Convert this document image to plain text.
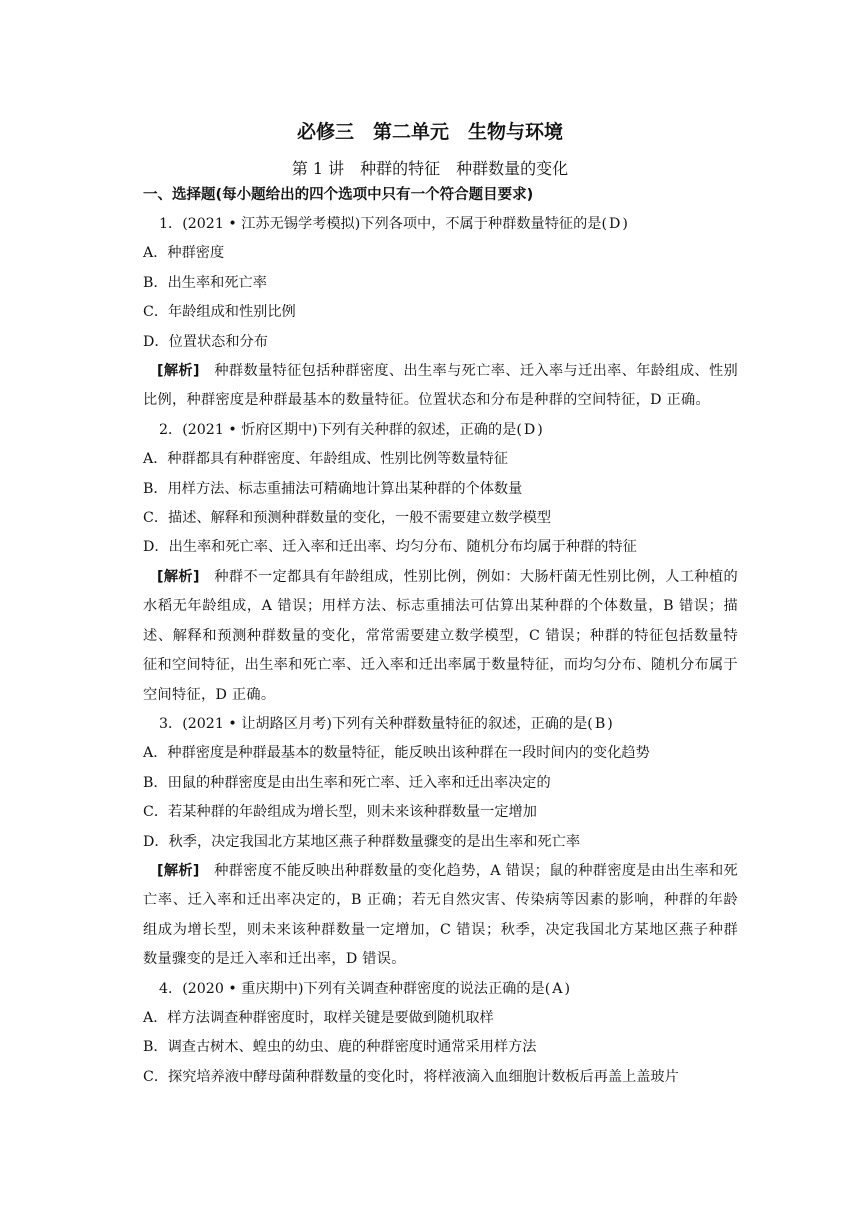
必修三　第二单元　生物与环境
第 1 讲　种群的特征　种群数量的变化
一、选择题(每小题给出的四个选项中只有一个符合题目要求)

1．(2021 • 江苏无锡学考模拟)下列各项中，不属于种群数量特征的是( D )

A．种群密度

B．出生率和死亡率

C．年龄组成和性别比例

D．位置状态和分布

[解析]　 种群数量特征包括种群密度、出生率与死亡率、迁入率与迁出率、年龄组成、性别比例，种群密度是种群最基本的数量特征。位置状态和分布是种群的空间特征，D 正确。

2．(2021 • 忻府区期中)下列有关种群的叙述，正确的是( D )

A．种群都具有种群密度、年龄组成、性别比例等数量特征

B．用样方法、标志重捕法可精确地计算出某种群的个体数量

C．描述、解释和预测种群数量的变化，一般不需要建立数学模型

D．出生率和死亡率、迁入率和迁出率、均匀分布、随机分布均属于种群的特征

[解析]　 种群不一定都具有年龄组成，性别比例，例如：大肠杆菌无性别比例，人工种植的水稻无年龄组成，A 错误；用样方法、标志重捕法可估算出某种群的个体数量，B 错误；描述、解释和预测种群数量的变化，常常需要建立数学模型，C 错误；种群的特征包括数量特征和空间特征，出生率和死亡率、迁入率和迁出率属于数量特征，而均匀分布、随机分布属于空间特征，D 正确。

3．(2021 • 让胡路区月考)下列有关种群数量特征的叙述，正确的是( B )

A．种群密度是种群最基本的数量特征，能反映出该种群在一段时间内的变化趋势

B．田鼠的种群密度是由出生率和死亡率、迁入率和迁出率决定的

C．若某种群的年龄组成为增长型，则未来该种群数量一定增加

D．秋季，决定我国北方某地区燕子种群数量骤变的是出生率和死亡率

[解析]　 种群密度不能反映出种群数量的变化趋势，A 错误；鼠的种群密度是由出生率和死亡率、迁入率和迁出率决定的，B 正确；若无自然灾害、传染病等因素的影响，种群的年龄组成为增长型，则未来该种群数量一定增加，C 错误；秋季，决定我国北方某地区燕子种群数量骤变的是迁入率和迁出率，D 错误。

4．(2020 • 重庆期中)下列有关调查种群密度的说法正确的是( A )

A．样方法调查种群密度时，取样关键是要做到随机取样

B．调查古树木、蝗虫的幼虫、鹿的种群密度时通常采用样方法

C．探究培养液中酵母菌种群数量的变化时，将样液滴入血细胞计数板后再盖上盖玻片
